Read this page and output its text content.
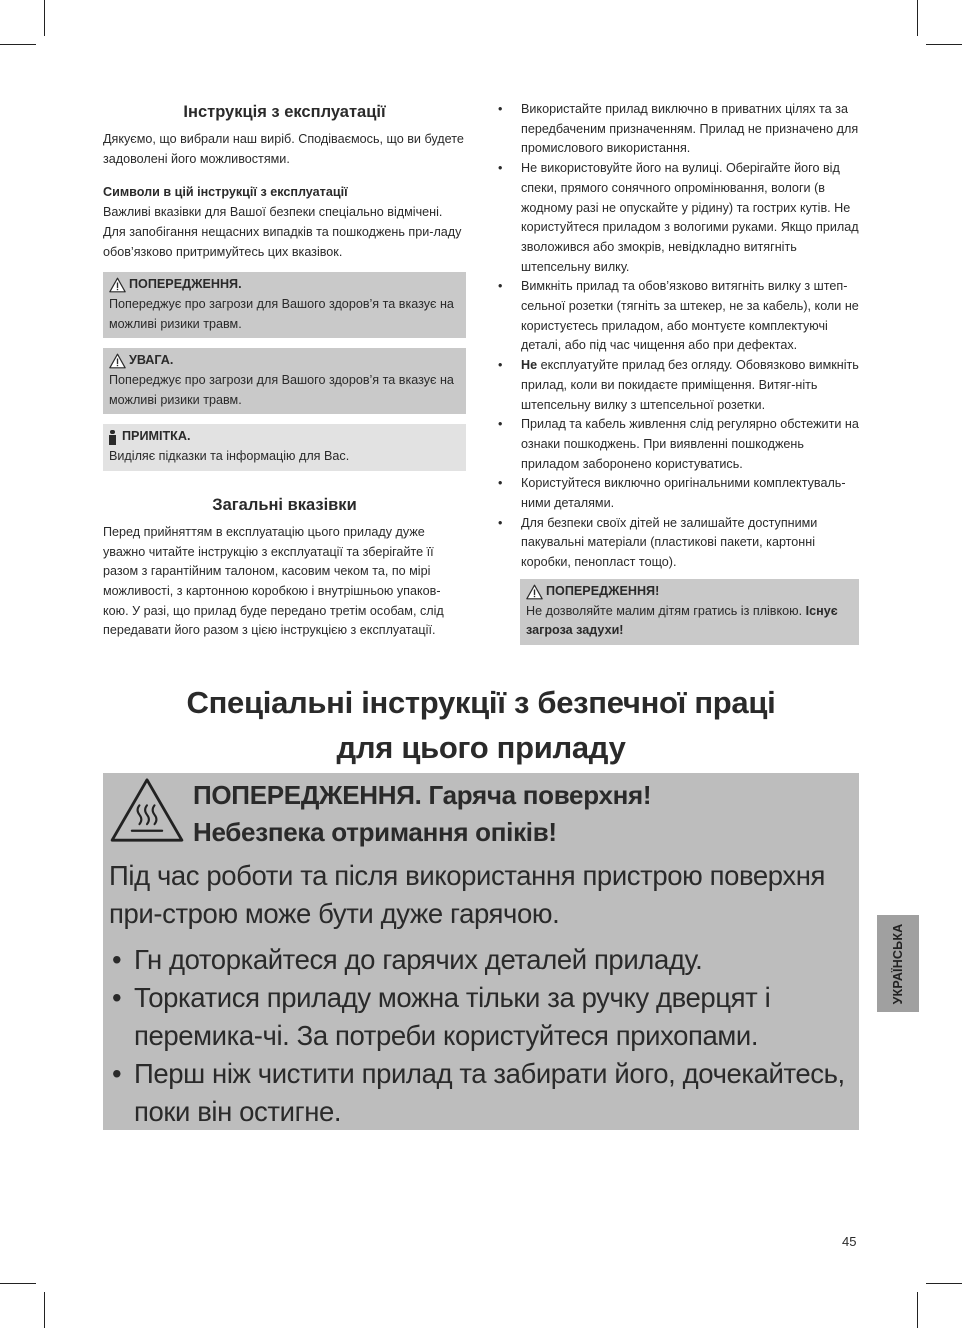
Інструкція з експлуатації

Дякуємо, що вибрали наш виріб. Сподіваємось, що ви будете задоволені його можливостями.

Символи в цій інструкції з експлуатації

Важливі вказівки для Вашої безпеки спеціально відмічені. Для запобігання нещасних випадків та пошкоджень при-ладу обов’язково притримуйтесь цих вказівок.

ПОПЕРЕДЖЕННЯ.

Попереджує про загрози для Вашого здоров’я та вказує на можливі ризики травм.

УВАГА.

Попереджує про загрози для Вашого здоров’я та вказує на можливі ризики травм.

ПРИМІТКА.

Виділяє підказки та інформацію для Вас.

Загальні вказівки

Перед прийняттям в експлуатацію цього приладу дуже уважно читайте інструкцію з експлуатації та зберігайте її разом з гарантійним талоном, касовим чеком та, по мірі можливості, з картонною коробкою і внутрішньою упаков-кою. У разі, що прилад буде передано третім особам, слід передавати його разом з цією інструкцією з експлуатації.

• Використайте прилад виключно в приватних цілях та за передбаченим призначенням. Прилад не призначено для промислового використання.
• Не використовуйте його на вулиці. Оберігайте його від спеки, прямого сонячного опромінювання, вологи (в жодному разі не опускайте у рідину) та гострих кутів. Не користуйтеся приладом з вологими руками. Якщо прилад зволожився або змокрів, невідкладно витягніть штепсельну вилку.
• Вимкніть прилад та обов’язково витягніть вилку з штеп-сельної розетки (тягніть за штекер, не за кабель), коли не користуєтесь приладом, або монтуєте комплектуючі деталі, або під час чищення або при дефектах.
• Не експлуатуйте прилад без огляду. Обовязково вимкніть прилад, коли ви покидаєте приміщення. Витяг-ніть штепсельну вилку з штепсельної розетки.
• Прилад та кабель живлення слід регулярно обстежити на ознаки пошкоджень. При виявленні пошкоджень приладом заборонено користуватись.
• Користуйтеся виключно оригінальними комплектуваль-ними деталями.
• Для безпеки своїх дітей не залишайте доступними пакувальні матеріали (пластикові пакети, картонні коробки, пенопласт тощо).
ПОПЕРЕДЖЕННЯ!

Не дозволяйте малим дітям гратись із плівкою. Існує загроза задухи!

Спеціальні інструкції з безпечної праці
для цього приладу
ПОПЕРЕДЖЕННЯ. Гаряча поверхня!
Небезпека отримання опіків!

Під час роботи та після використання пристрою поверхня при-строю може бути дуже гарячою.

• Гн доторкайтеся до гарячих деталей приладу.
• Торкатися приладу можна тільки за ручку дверцят і перемика-чі. За потреби користуйтеся прихопами.
• Перш ніж чистити прилад та забирати його, дочекайтесь, поки він остигне.
УКРАЇНСЬКА
45
